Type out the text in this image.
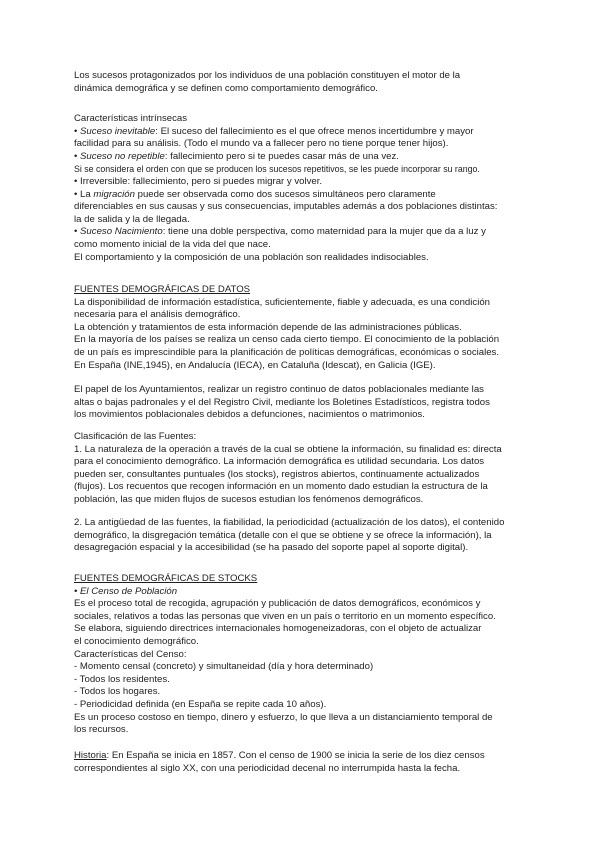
Los sucesos protagonizados por los individuos de una población constituyen el motor de la
dinámica demográfica y se definen como comportamiento demográfico.
Características intrínsecas
• Suceso inevitable: El suceso del fallecimiento es el que ofrece menos incertidumbre y mayor
facilidad para su análisis. (Todo el mundo va a fallecer pero no tiene porque tener hijos).
• Suceso no repetible: fallecimiento pero si te puedes casar más de una vez.
Si se considera el orden con que se producen los sucesos repetitivos, se les puede incorporar su rango.
• Irreversible: fallecimiento, pero si puedes migrar y volver.
• La migración puede ser observada como dos sucesos simultáneos pero claramente
diferenciables en sus causas y sus consecuencias, imputables además a dos poblaciones distintas:
la de salida y la de llegada.
• Suceso Nacimiento: tiene una doble perspectiva, como maternidad para la mujer que da a luz y
como momento inicial de la vida del que nace.
El comportamiento y la composición de una población son realidades indisociables.
FUENTES DEMOGRÁFICAS DE DATOS
La disponibilidad de información estadística, suficientemente, fiable y adecuada, es una condición
necesaria para el análisis demográfico.
La obtención y tratamientos de esta información depende de las administraciones públicas.
En la mayoría de los países se realiza un censo cada cierto tiempo. El conocimiento de la población
de un país es imprescindible para la planificación de políticas demográficas, económicas o sociales.
En España (INE,1945), en Andalucía (IECA), en Cataluña (Idescat), en Galicia (IGE).
El papel de los Ayuntamientos, realizar un registro continuo de datos poblacionales mediante las
altas o bajas padronales y el del Registro Civil, mediante los Boletines Estadísticos, registra todos
los movimientos poblacionales debidos a defunciones, nacimientos o matrimonios.
Clasificación de las Fuentes:
1. La naturaleza de la operación a través de la cual se obtiene la información, su finalidad es: directa
para el conocimiento demográfico. La información demográfica es utilidad secundaria. Los datos
pueden ser, consultantes puntuales (los stocks), registros abiertos, continuamente actualizados
(flujos). Los recuentos que recogen información en un momento dado estudian la estructura de la
población, las que miden flujos de sucesos estudian los fenómenos demográficos.
2. La antigüedad de las fuentes, la fiabilidad, la periodicidad (actualización de los datos), el contenido
demográfico, la disgregación temática (detalle con el que se obtiene y se ofrece la información), la
desagregación espacial y la accesibilidad (se ha pasado del soporte papel al soporte digital).
FUENTES DEMOGRÁFICAS DE STOCKS
• El Censo de Población
Es el proceso total de recogida, agrupación y publicación de datos demográficos, económicos y
sociales, relativos a todas las personas que viven en un país o territorio en un momento específico.
Se elabora, siguiendo directrices internacionales homogeneizadoras, con el objeto de actualizar
el conocimiento demográfico.
Características del Censo:
- Momento censal (concreto) y simultaneidad (día y hora determinado)
- Todos los residentes.
- Todos los hogares.
- Periodicidad definida (en España se repite cada 10 años).
Es un proceso costoso en tiempo, dinero y esfuerzo, lo que lleva a un distanciamiento temporal de
los recursos.
Historia: En España se inicia en 1857. Con el censo de 1900 se inicia la serie de los diez censos
correspondientes al siglo XX, con una periodicidad decenal no interrumpida hasta la fecha.
